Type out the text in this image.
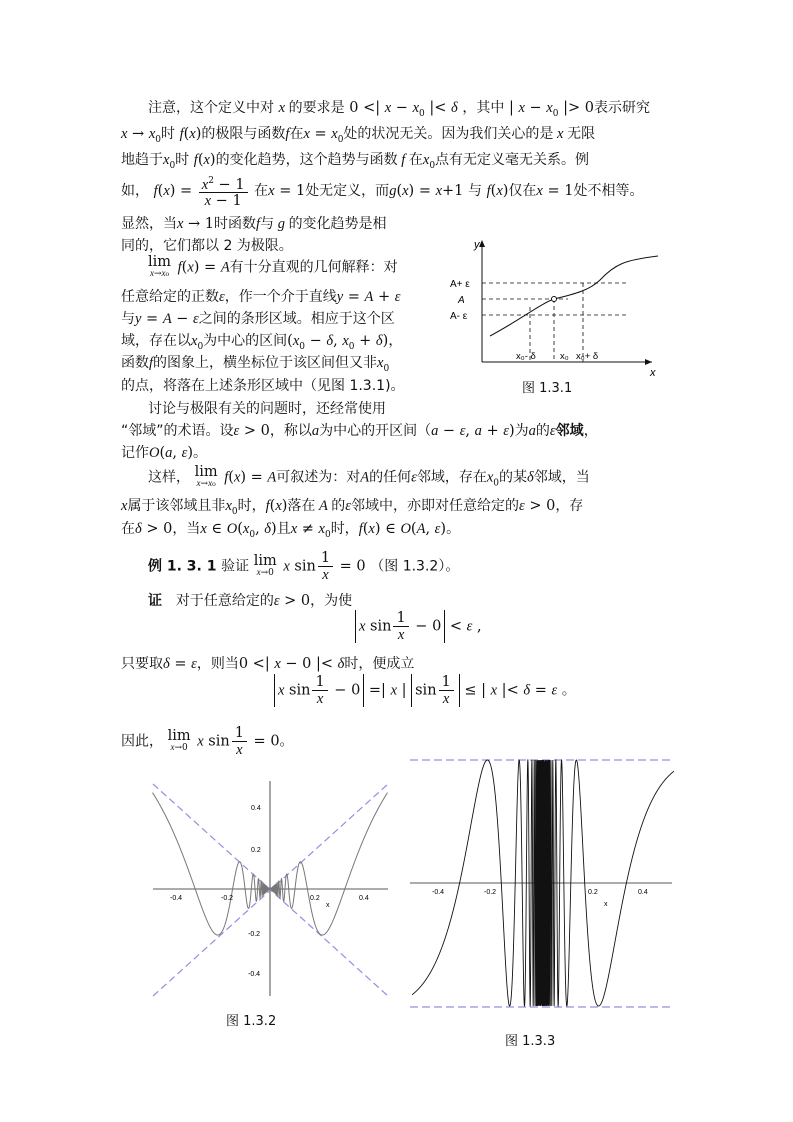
注意，这个定义中对 x 的要求是 0 <| $x - x_0$ |< δ ，其中 | $x - x_0$ |> 0表示研究
$x \to x_0$时 f(x)的极限与函数f在$x = x_0$处的状况无关。因为我们关心的是 x 无限
地趋于$x_0$时 f(x)的变化趋势，这个趋势与函数 f 在$x_0$点有无定义毫无关系。例
如， $f(x) = \frac{x^2 - 1}{x - 1}$ 在x = 1处无定义，而g(x) = x+1 与 f(x)仅在x = 1处不相等。
显然，当x → 1时函数f与 g 的变化趋势是相
同的，它们都以 2 为极限。
lim
x→x₀ f(x) = A有十分直观的几何解释：对
任意给定的正数ε，作一个介于直线y = A + ε
与y = A − ε之间的条形区域。相应于这个区
域，存在以$x_0$为中心的区间($x_0 - \delta$, $x_0 + \delta$)，
函数f的图象上，横坐标位于该区间但又非$x_0$
的点，将落在上述条形区域中（见图 1.3.1)。
讨论与极限有关的问题时，还经常使用
“邻域”的术语。设ε > 0，称以a为中心的开区间（a − ε, a + ε)为a的ε邻域，
记作O(a, ε)。
这样， lim
x→x₀ f(x) = A可叙述为：对A的任何ε邻域，存在$x_0$的某δ邻域，当
x属于该邻域且非$x_0$时，f(x)落在 A 的ε邻域中，亦即对任意给定的ε > 0，存
在δ > 0，当x ∈ $O(x_0$, δ)且$x \ne x_0$时，f(x) ∈ O(A, ε)。
例 1. 3. 1 验证 lim
x→0 x $\sin \frac{1}{x} = 0$ （图 1.3.2）。
证 对于任意给定的ε > 0，为使
x $\sin \frac{1}{x} - 0 < \varepsilon$ ,
只要取δ = ε，则当0 <| x − 0 |< δ时，便成立
x $\sin \frac{1}{x} - 0$ =| x | $\sin \frac{1}{x}$ ≤ | x |< δ = ε 。
因此， lim
x→0 x $\sin \frac{1}{x} = 0$。
y
x
A+ ε
A
A- ε
x₀- δ	x₀ x₀+ δ
图 1.3.1
0.4
0.2
-0.2
-0.4
-0.4	-0.2	0.2	0.4
x
图 1.3.2
-0.4	-0.2	0.2	0.4
x
图 1.3.3
